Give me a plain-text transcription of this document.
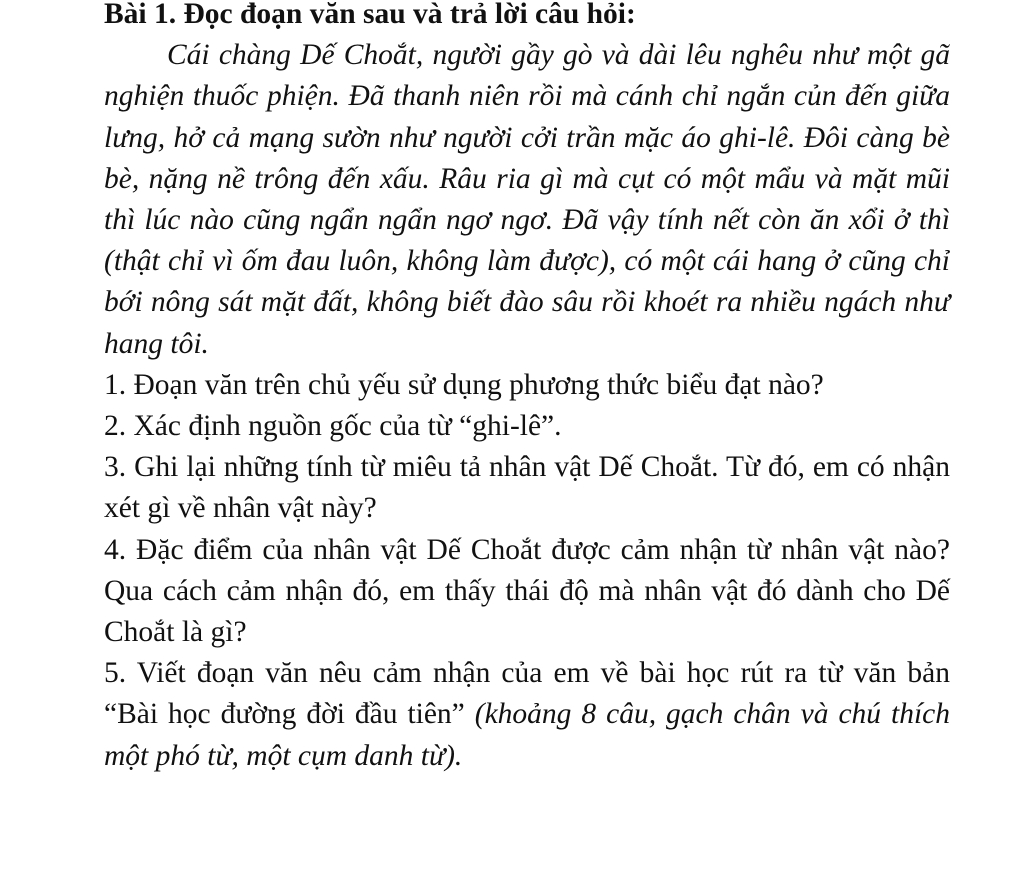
Bài 1. Đọc đoạn văn sau và trả lời câu hỏi:
Cái chàng Dế Choắt, người gầy gò và dài lêu nghêu như một gã nghiện thuốc phiện. Đã thanh niên rồi mà cánh chỉ ngắn củn đến giữa lưng, hở cả mạng sườn như người cởi trần mặc áo ghi-lê. Đôi càng bè bè, nặng nề trông đến xấu. Râu ria gì mà cụt có một mẩu và mặt mũi thì lúc nào cũng ngẩn ngẩn ngơ ngơ. Đã vậy tính nết còn ăn xổi ở thì (thật chỉ vì ốm đau luôn, không làm được), có một cái hang ở cũng chỉ bới nông sát mặt đất, không biết đào sâu rồi khoét ra nhiều ngách như hang tôi.
1. Đoạn văn trên chủ yếu sử dụng phương thức biểu đạt nào?
2. Xác định nguồn gốc của từ “ghi-lê”.
3. Ghi lại những tính từ miêu tả nhân vật Dế Choắt. Từ đó, em có nhận xét gì về nhân vật này?
4. Đặc điểm của nhân vật Dế Choắt được cảm nhận từ nhân vật nào? Qua cách cảm nhận đó, em thấy thái độ mà nhân vật đó dành cho Dế Choắt là gì?
5. Viết đoạn văn nêu cảm nhận của em về bài học rút ra từ văn bản “Bài học đường đời đầu tiên” (khoảng 8 câu, gạch chân và chú thích một phó từ, một cụm danh từ).
